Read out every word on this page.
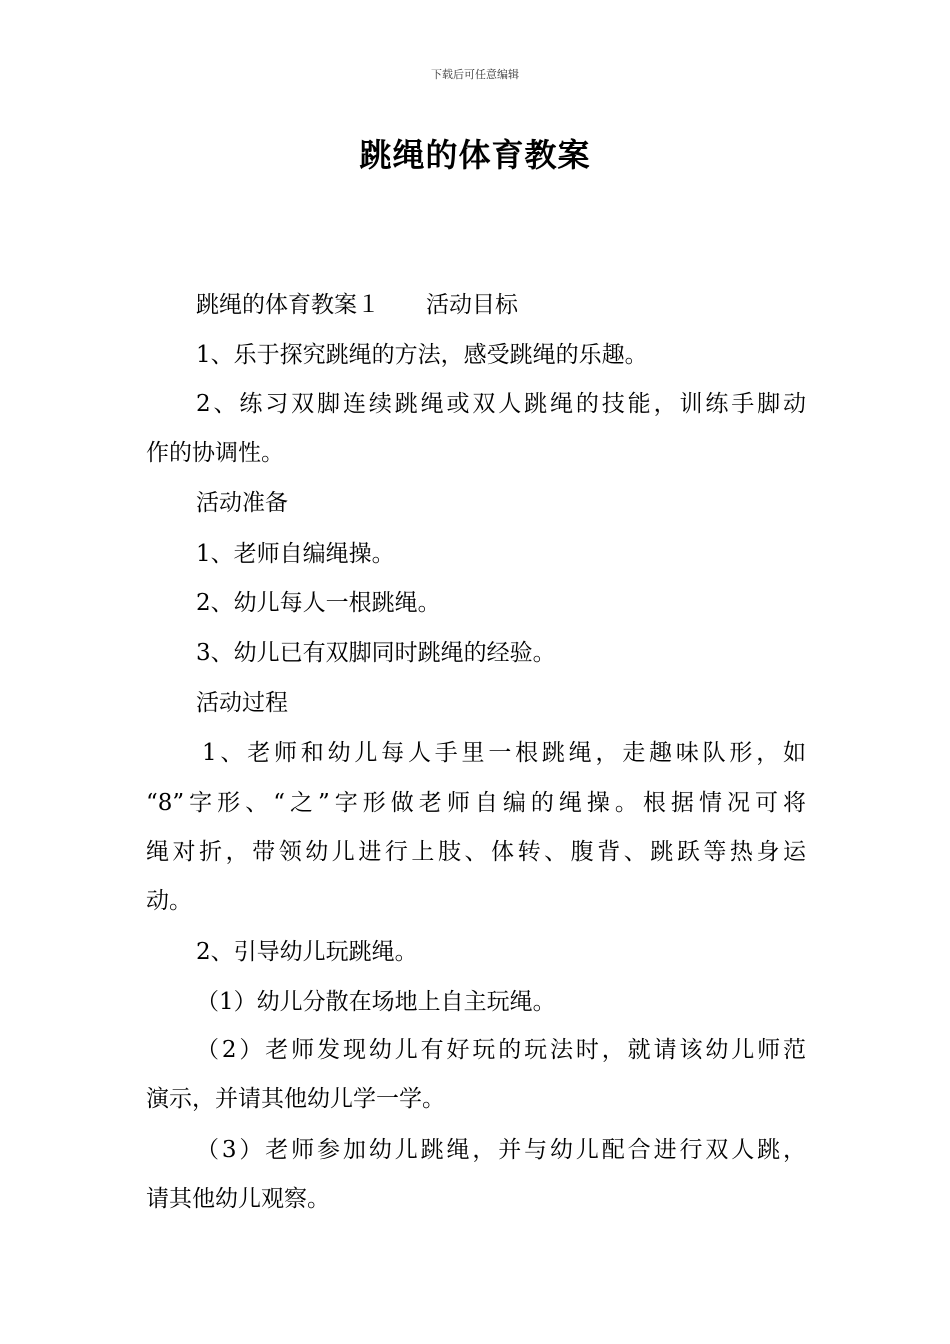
下载后可任意编辑
跳绳的体育教案
跳绳的体育教案１ 活动目标
1、乐于探究跳绳的方法，感受跳绳的乐趣。
2、练习双脚连续跳绳或双人跳绳的技能，训练手脚动
作的协调性。
活动准备
1、老师自编绳操。
2、幼儿每人一根跳绳。
3、幼儿已有双脚同时跳绳的经验。
活动过程
1、老师和幼儿每人手里一根跳绳，走趣味队形，如
“8”字形、“之”字形做老师自编的绳操。根据情况可将
绳对折，带领幼儿进行上肢、体转、腹背、跳跃等热身运
动。
2、引导幼儿玩跳绳。
（1）幼儿分散在场地上自主玩绳。
（2）老师发现幼儿有好玩的玩法时，就请该幼儿师范
演示，并请其他幼儿学一学。
（3）老师参加幼儿跳绳，并与幼儿配合进行双人跳，
请其他幼儿观察。
